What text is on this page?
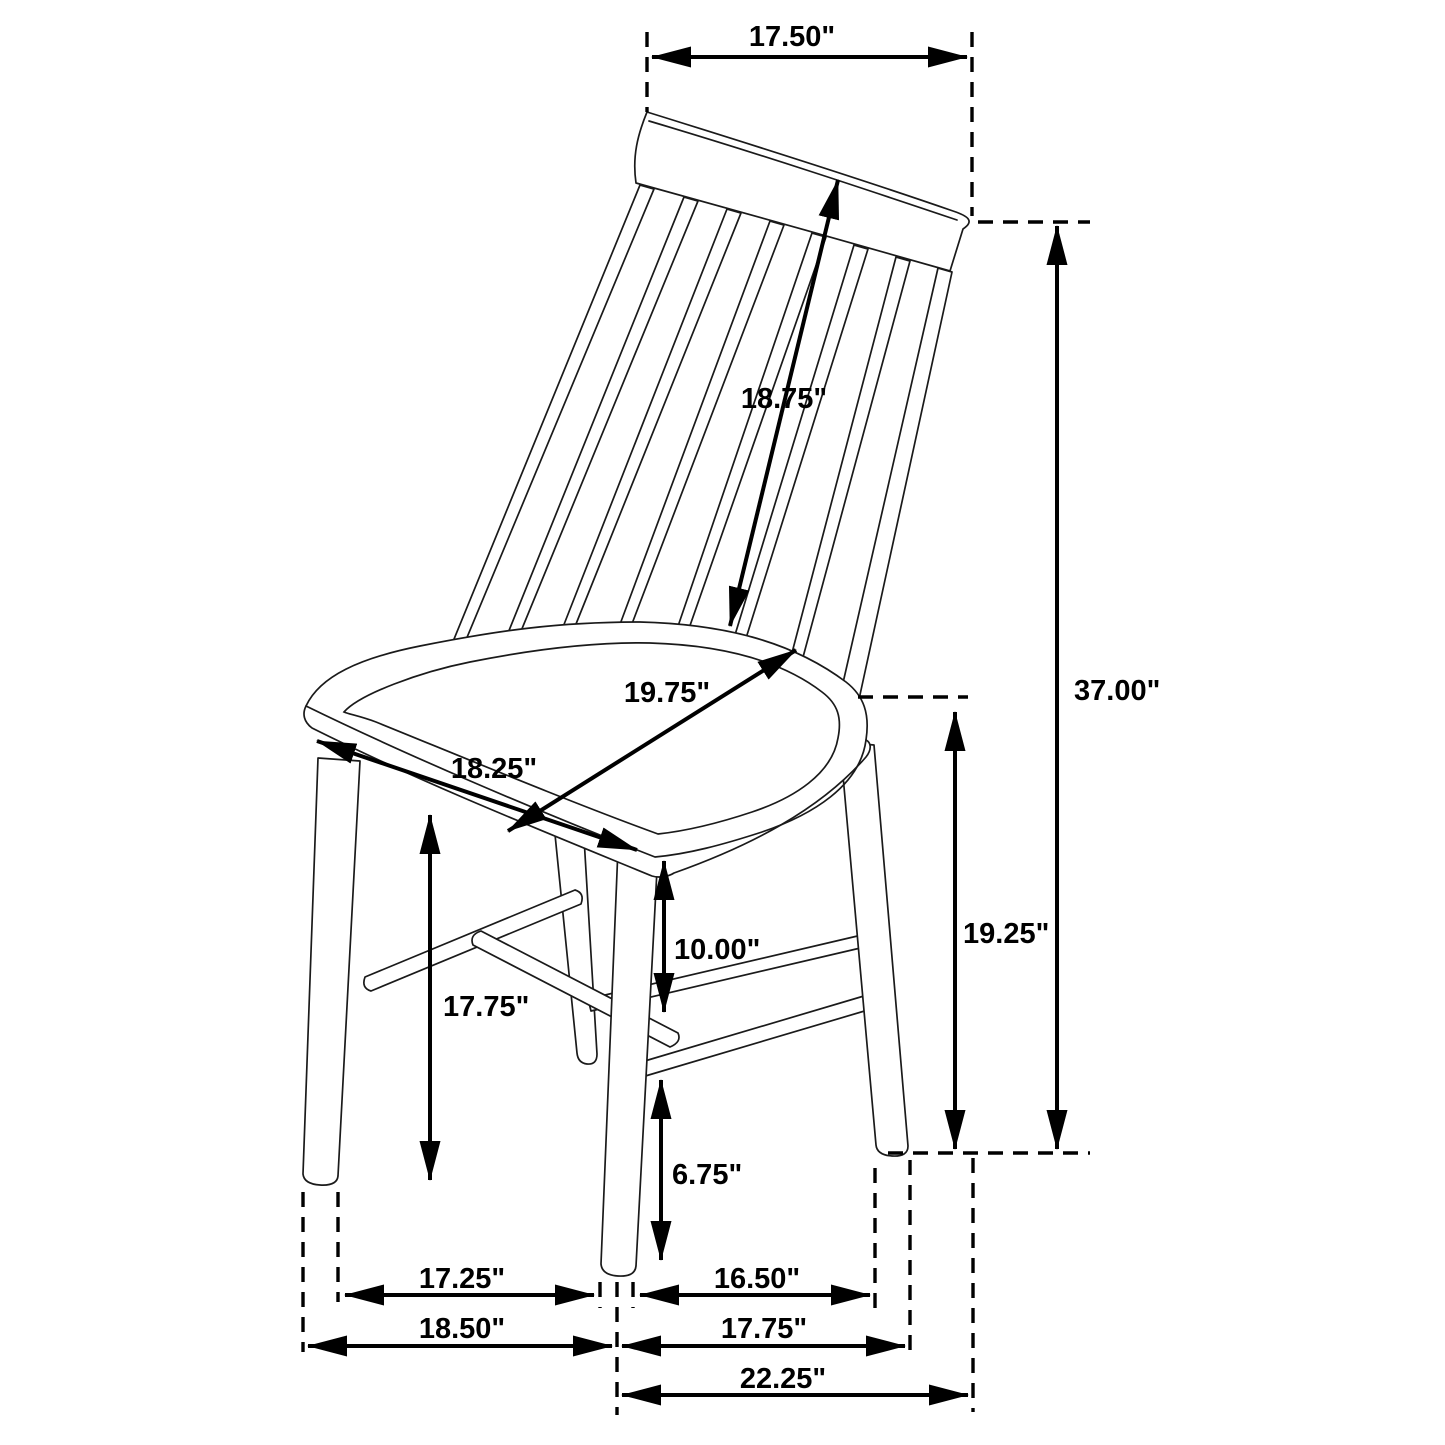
17.50"
18.75"
37.00"
19.25"
19.75"
18.25"
17.75"
10.00"
6.75"
17.25"	16.50"
18.50"	17.75"
22.25"
